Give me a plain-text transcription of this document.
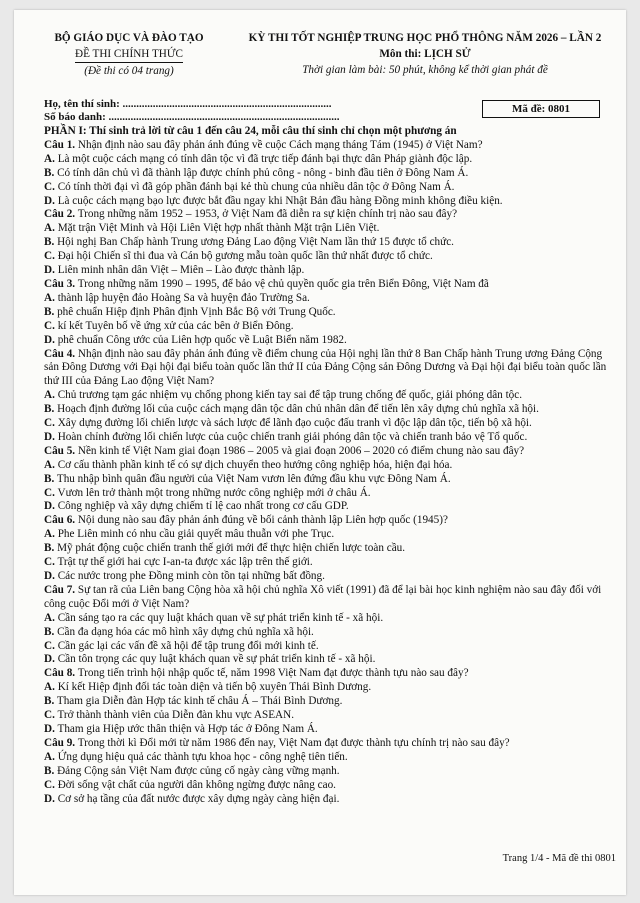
BỘ GIÁO DỤC VÀ ĐÀO TẠO
ĐỀ THI CHÍNH THỨC
(Đề thi có 04 trang)
KỲ THI TỐT NGHIỆP TRUNG HỌC PHỔ THÔNG NĂM 2026 – LẦN 2
Môn thi: LỊCH SỬ
Thời gian làm bài: 50 phút, không kể thời gian phát đề

Họ, tên thí sinh: ............................................................................

Số báo danh: ....................................................................................

Mã đề: 0801

PHẦN I: Thí sinh trả lời từ câu 1 đến câu 24, mỗi câu thí sinh chỉ chọn một phương án

Câu 1. Nhận định nào sau đây phản ánh đúng về cuộc Cách mạng tháng Tám (1945) ở Việt Nam?

A. Là một cuộc cách mạng có tính dân tộc vì đã trực tiếp đánh bại thực dân Pháp giành độc lập.

B. Có tính dân chủ vì đã thành lập được chính phủ công - nông - binh đầu tiên ở Đông Nam Á.

C. Có tính thời đại vì đã góp phần đánh bại kẻ thù chung của nhiều dân tộc ở Đông Nam Á.

D. Là cuộc cách mạng bạo lực được bắt đầu ngay khi Nhật Bản đầu hàng Đồng minh không điều kiện.

Câu 2. Trong những năm 1952 – 1953, ở Việt Nam đã diễn ra sự kiện chính trị nào sau đây?

A. Mặt trận Việt Minh và Hội Liên Việt hợp nhất thành Mặt trận Liên Việt.

B. Hội nghị Ban Chấp hành Trung ương Đảng Lao động Việt Nam lần thứ 15 được tổ chức.

C. Đại hội Chiến sĩ thi đua và Cán bộ gương mẫu toàn quốc lần thứ nhất được tổ chức.

D. Liên minh nhân dân Việt – Miên – Lào được thành lập.

Câu 3. Trong những năm 1990 – 1995, để bảo vệ chủ quyền quốc gia trên Biển Đông, Việt Nam đã

A. thành lập huyện đảo Hoàng Sa và huyện đảo Trường Sa.

B. phê chuẩn Hiệp định Phân định Vịnh Bắc Bộ với Trung Quốc.

C. kí kết Tuyên bố về ứng xử của các bên ở Biển Đông.

D. phê chuẩn Công ước của Liên hợp quốc về Luật Biển năm 1982.

Câu 4. Nhận định nào sau đây phản ánh đúng về điểm chung của Hội nghị lần thứ 8 Ban Chấp hành Trung ương Đảng Cộng sản Đông Dương với Đại hội đại biểu toàn quốc lần thứ II của Đảng Cộng sản Đông Dương và Đại hội đại biểu toàn quốc lần thứ III của Đảng Lao động Việt Nam?

A. Chủ trương tạm gác nhiệm vụ chống phong kiến tay sai để tập trung chống đế quốc, giải phóng dân tộc.

B. Hoạch định đường lối của cuộc cách mạng dân tộc dân chủ nhân dân để tiến lên xây dựng chủ nghĩa xã hội.

C. Xây dựng đường lối chiến lược và sách lược để lãnh đạo cuộc đấu tranh vì độc lập dân tộc, tiến bộ xã hội.

D. Hoàn chỉnh đường lối chiến lược của cuộc chiến tranh giải phóng dân tộc và chiến tranh bảo vệ Tổ quốc.

Câu 5. Nền kinh tế Việt Nam giai đoạn 1986 – 2005 và giai đoạn 2006 – 2020 có điểm chung nào sau đây?

A. Cơ cấu thành phần kinh tế có sự dịch chuyển theo hướng công nghiệp hóa, hiện đại hóa.

B. Thu nhập bình quân đầu người của Việt Nam vươn lên đứng đầu khu vực Đông Nam Á.

C. Vươn lên trở thành một trong những nước công nghiệp mới ở châu Á.

D. Công nghiệp và xây dựng chiếm tỉ lệ cao nhất trong cơ cấu GDP.

Câu 6. Nội dung nào sau đây phản ánh đúng về bối cảnh thành lập Liên hợp quốc (1945)?

A. Phe Liên minh có nhu cầu giải quyết mâu thuẫn với phe Trục.

B. Mỹ phát động cuộc chiến tranh thế giới mới để thực hiện chiến lược toàn cầu.

C. Trật tự thế giới hai cực I-an-ta được xác lập trên thế giới.

D. Các nước trong phe Đồng minh còn tồn tại những bất đồng.

Câu 7. Sự tan rã của Liên bang Cộng hòa xã hội chủ nghĩa Xô viết (1991) đã để lại bài học kinh nghiệm nào sau đây đối với công cuộc Đổi mới ở Việt Nam?

A. Cần sáng tạo ra các quy luật khách quan về sự phát triển kinh tế - xã hội.

B. Cần đa dạng hóa các mô hình xây dựng chủ nghĩa xã hội.

C. Cần gác lại các vấn đề xã hội để tập trung đổi mới kinh tế.

D. Cần tôn trọng các quy luật khách quan về sự phát triển kinh tế - xã hội.

Câu 8. Trong tiến trình hội nhập quốc tế, năm 1998 Việt Nam đạt được thành tựu nào sau đây?

A. Kí kết Hiệp định đối tác toàn diện và tiến bộ xuyên Thái Bình Dương.

B. Tham gia Diễn đàn Hợp tác kinh tế châu Á – Thái Bình Dương.

C. Trở thành thành viên của Diễn đàn khu vực ASEAN.

D. Tham gia Hiệp ước thân thiện và Hợp tác ở Đông Nam Á.

Câu 9. Trong thời kì Đổi mới từ năm 1986 đến nay, Việt Nam đạt được thành tựu chính trị nào sau đây?

A. Ứng dụng hiệu quả các thành tựu khoa học - công nghệ tiên tiến.

B. Đảng Cộng sản Việt Nam được củng cố ngày càng vững mạnh.

C. Đời sống vật chất của người dân không ngừng được nâng cao.

D. Cơ sở hạ tầng của đất nước được xây dựng ngày càng hiện đại.

Trang 1/4 - Mã đề thi 0801
